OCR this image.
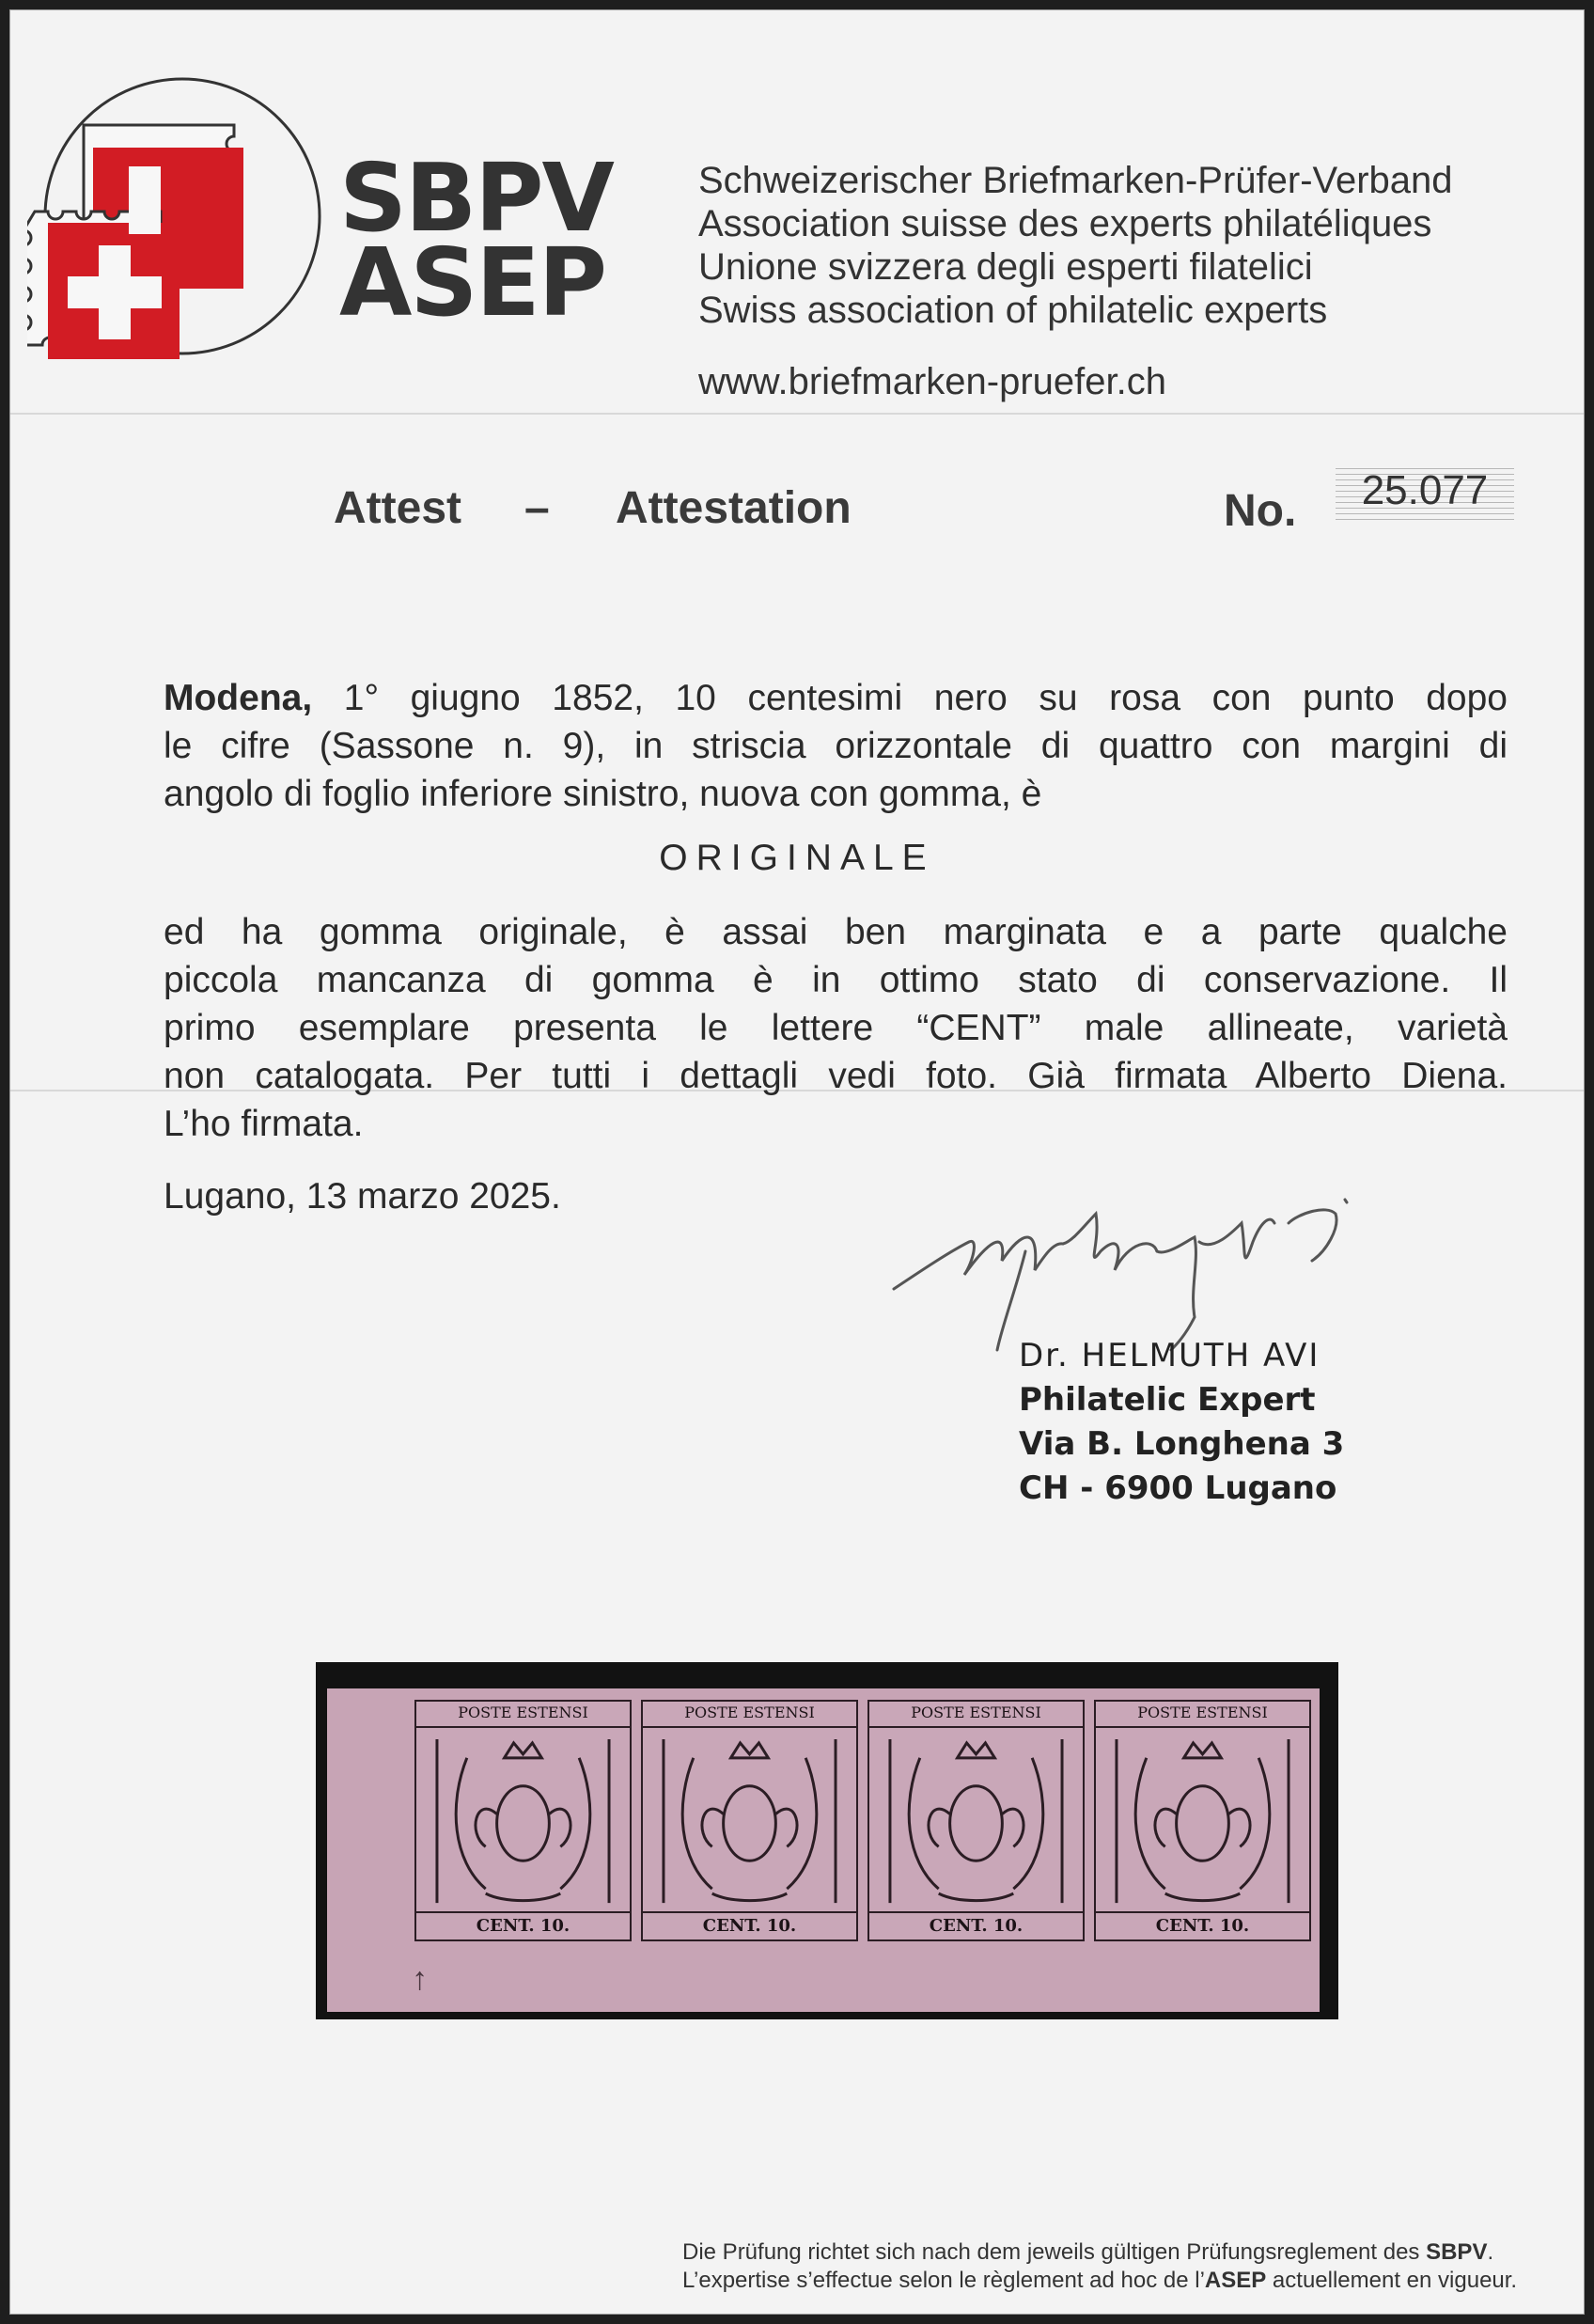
SBPV
ASEP
Schweizerischer Briefmarken-Prüfer-Verband
Association suisse des experts philatéliques
Unione svizzera degli esperti filatelici
Swiss association of philatelic experts
www.briefmarken-pruefer.ch
Attest – Attestation	No.	25.077
Modena, 1° giugno 1852, 10 centesimi nero su rosa con punto dopo
le cifre (Sassone n. 9), in striscia orizzontale di quattro con margini di
angolo di foglio inferiore sinistro, nuova con gomma, è
ORIGINALE
ed ha gomma originale, è assai ben marginata e a parte qualche
piccola mancanza di gomma è in ottimo stato di conservazione. Il
primo esemplare presenta le lettere “CENT” male allineate, varietà
non catalogata. Per tutti i dettagli vedi foto. Già firmata Alberto Diena.
L’ho firmata.
Lugano, 13 marzo 2025.
Dr. HELMUTH AVI
Philatelic Expert
Via B. Longhena 3
CH - 6900 Lugano
POSTE ESTENSI
CENT. 10.
POSTE ESTENSI
CENT. 10.
POSTE ESTENSI
CENT. 10.
POSTE ESTENSI
CENT. 10.
↑
Die Prüfung richtet sich nach dem jeweils gültigen Prüfungsreglement des SBPV.
L’expertise s’effectue selon le règlement ad hoc de l’ASEP actuellement en vigueur.
